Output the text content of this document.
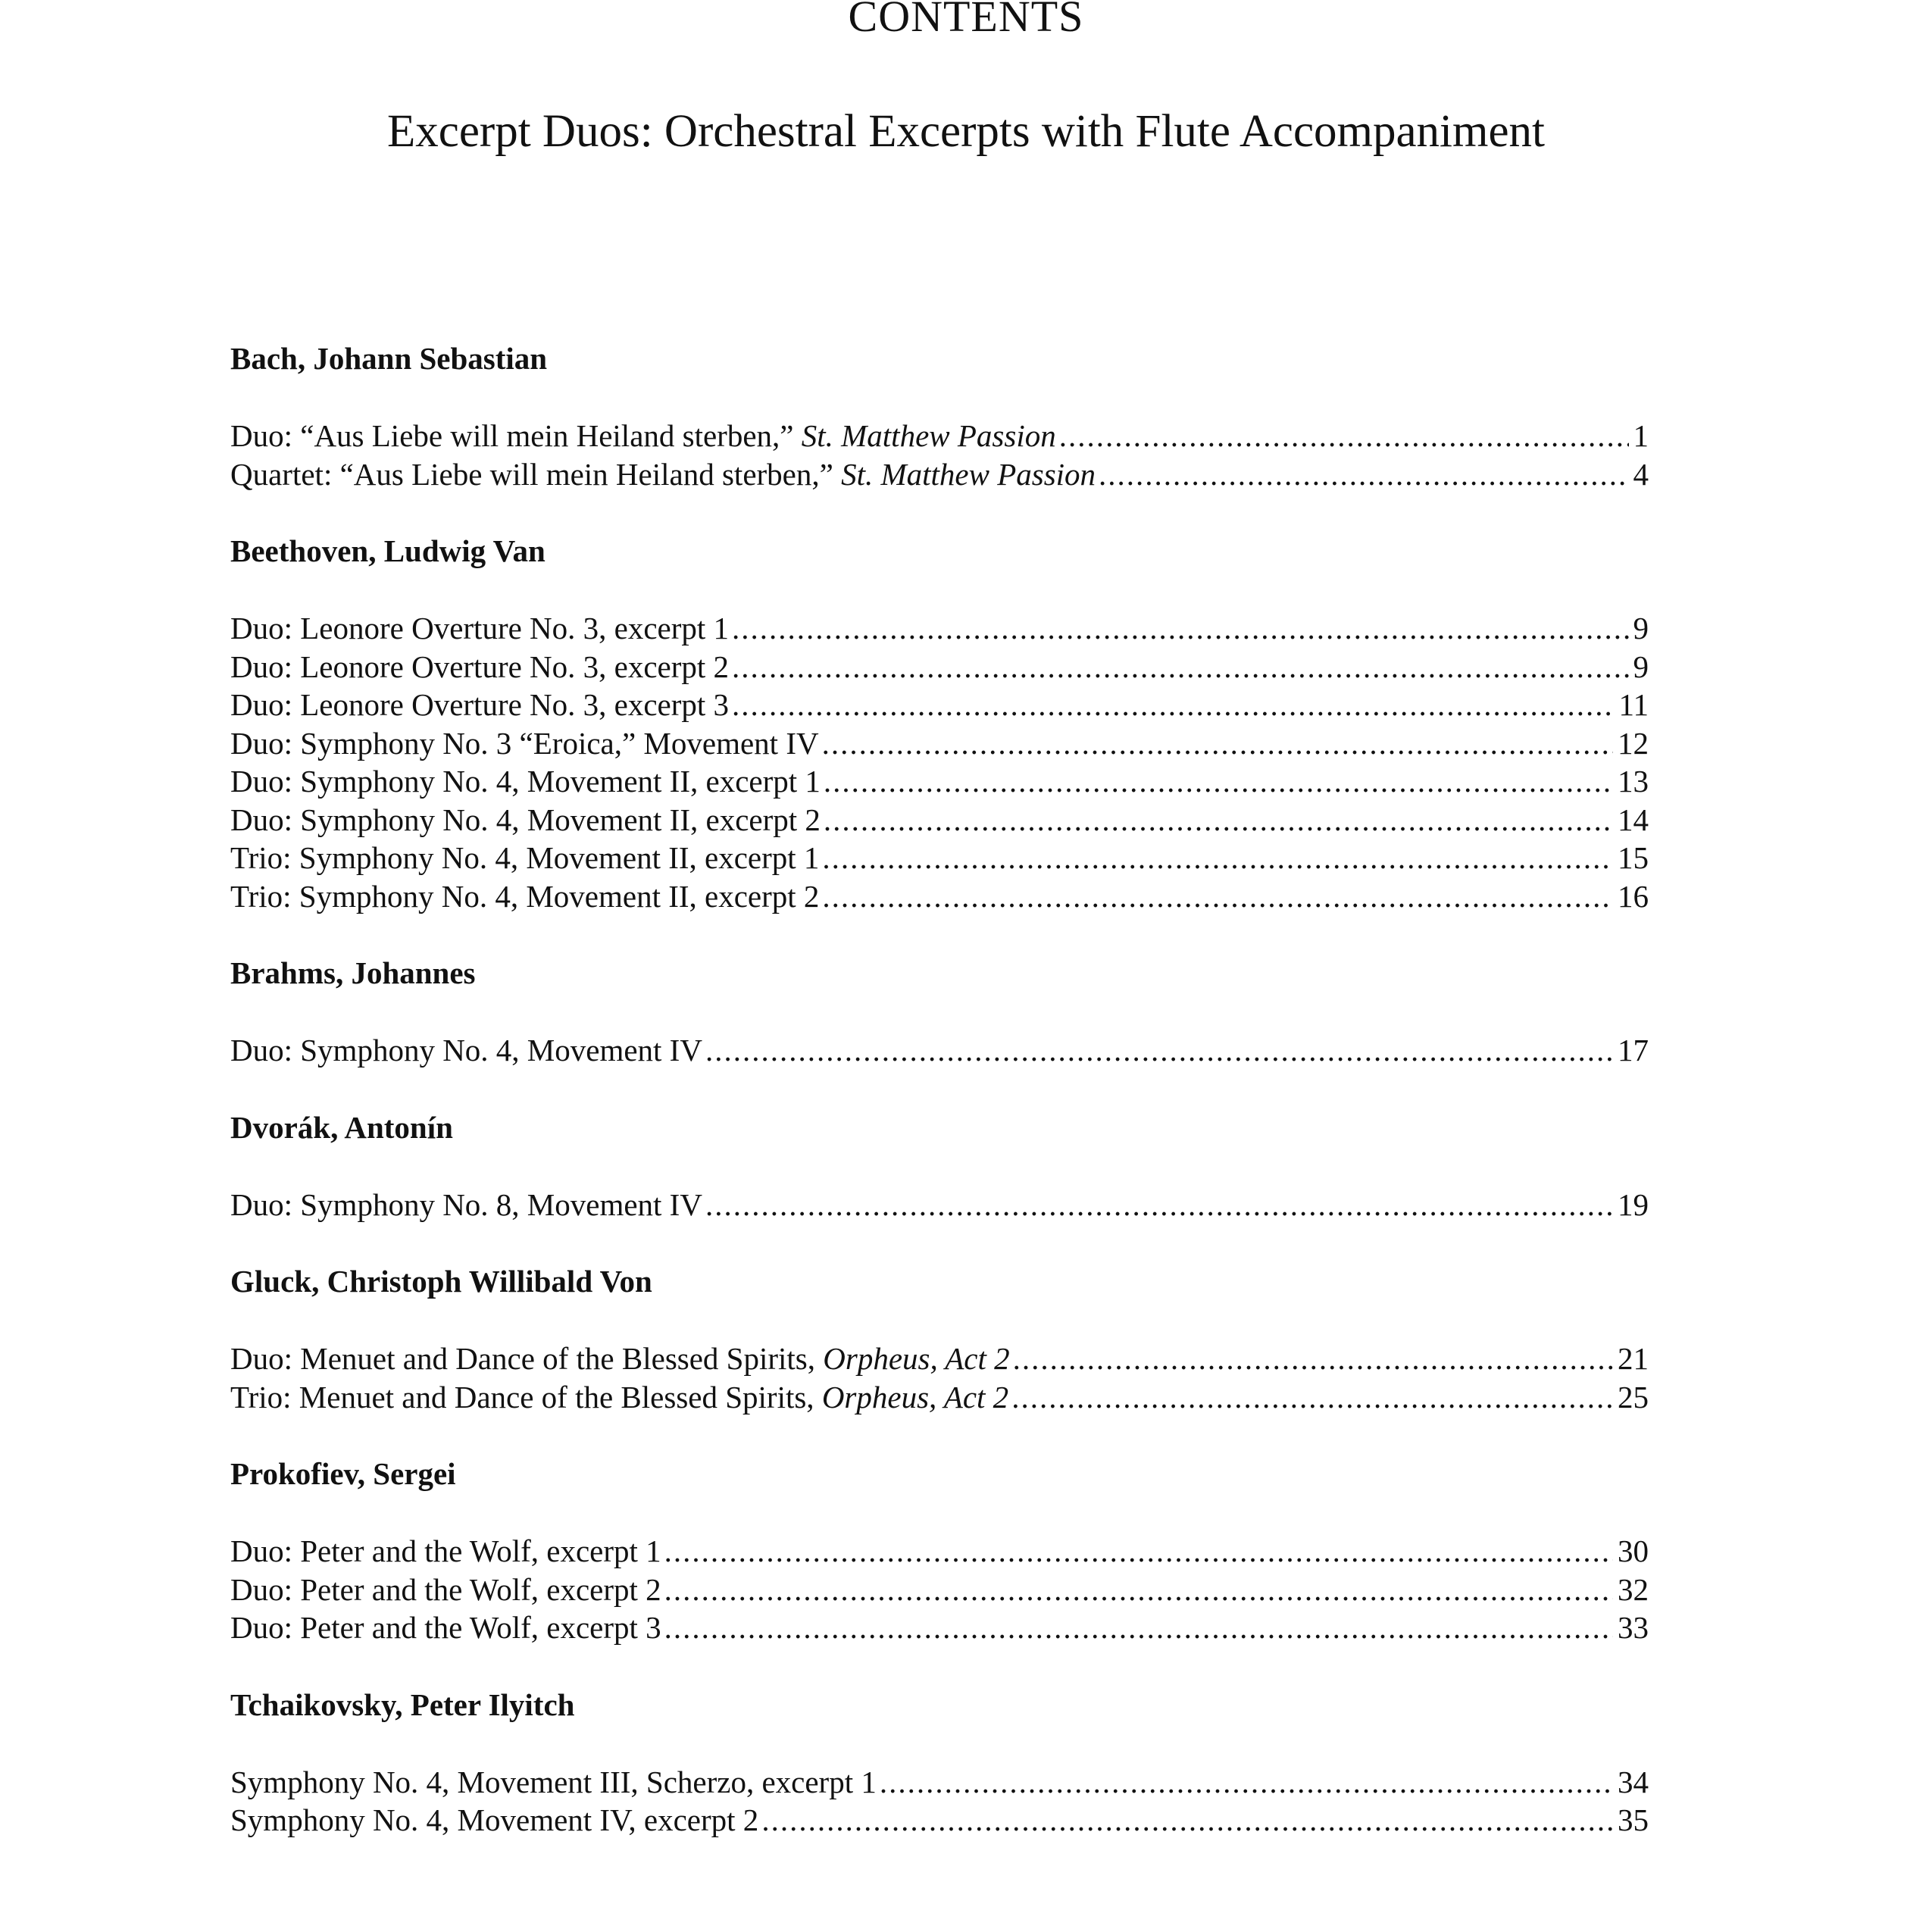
CONTENTS
Excerpt Duos: Orchestral Excerpts with Flute Accompaniment
Bach, Johann Sebastian
Duo: “Aus Liebe will mein Heiland sterben,” St. Matthew Passion .....	1
Quartet: “Aus Liebe will mein Heiland sterben,” St. Matthew Passion .....	4
Beethoven, Ludwig Van
Duo: Leonore Overture No. 3, excerpt 1 .....	9
Duo: Leonore Overture No. 3, excerpt 2 .....	9
Duo: Leonore Overture No. 3, excerpt 3 .....	11
Duo: Symphony No. 3 “Eroica,” Movement IV .....	12
Duo: Symphony No. 4, Movement II, excerpt 1 .....	13
Duo: Symphony No. 4, Movement II, excerpt 2 .....	14
Trio: Symphony No. 4, Movement II, excerpt 1 .....	15
Trio: Symphony No. 4, Movement II, excerpt 2 .....	16
Brahms, Johannes
Duo: Symphony No. 4, Movement IV .....	17
Dvorák, Antonín
Duo: Symphony No. 8, Movement IV .....	19
Gluck, Christoph Willibald Von
Duo: Menuet and Dance of the Blessed Spirits, Orpheus, Act 2 .....	21
Trio: Menuet and Dance of the Blessed Spirits, Orpheus, Act 2 .....	25
Prokofiev, Sergei
Duo: Peter and the Wolf, excerpt 1 .....	30
Duo: Peter and the Wolf, excerpt 2 .....	32
Duo: Peter and the Wolf, excerpt 3 .....	33
Tchaikovsky, Peter Ilyitch
Symphony No. 4, Movement III, Scherzo, excerpt 1 .....	34
Symphony No. 4, Movement IV, excerpt 2 .....	35
